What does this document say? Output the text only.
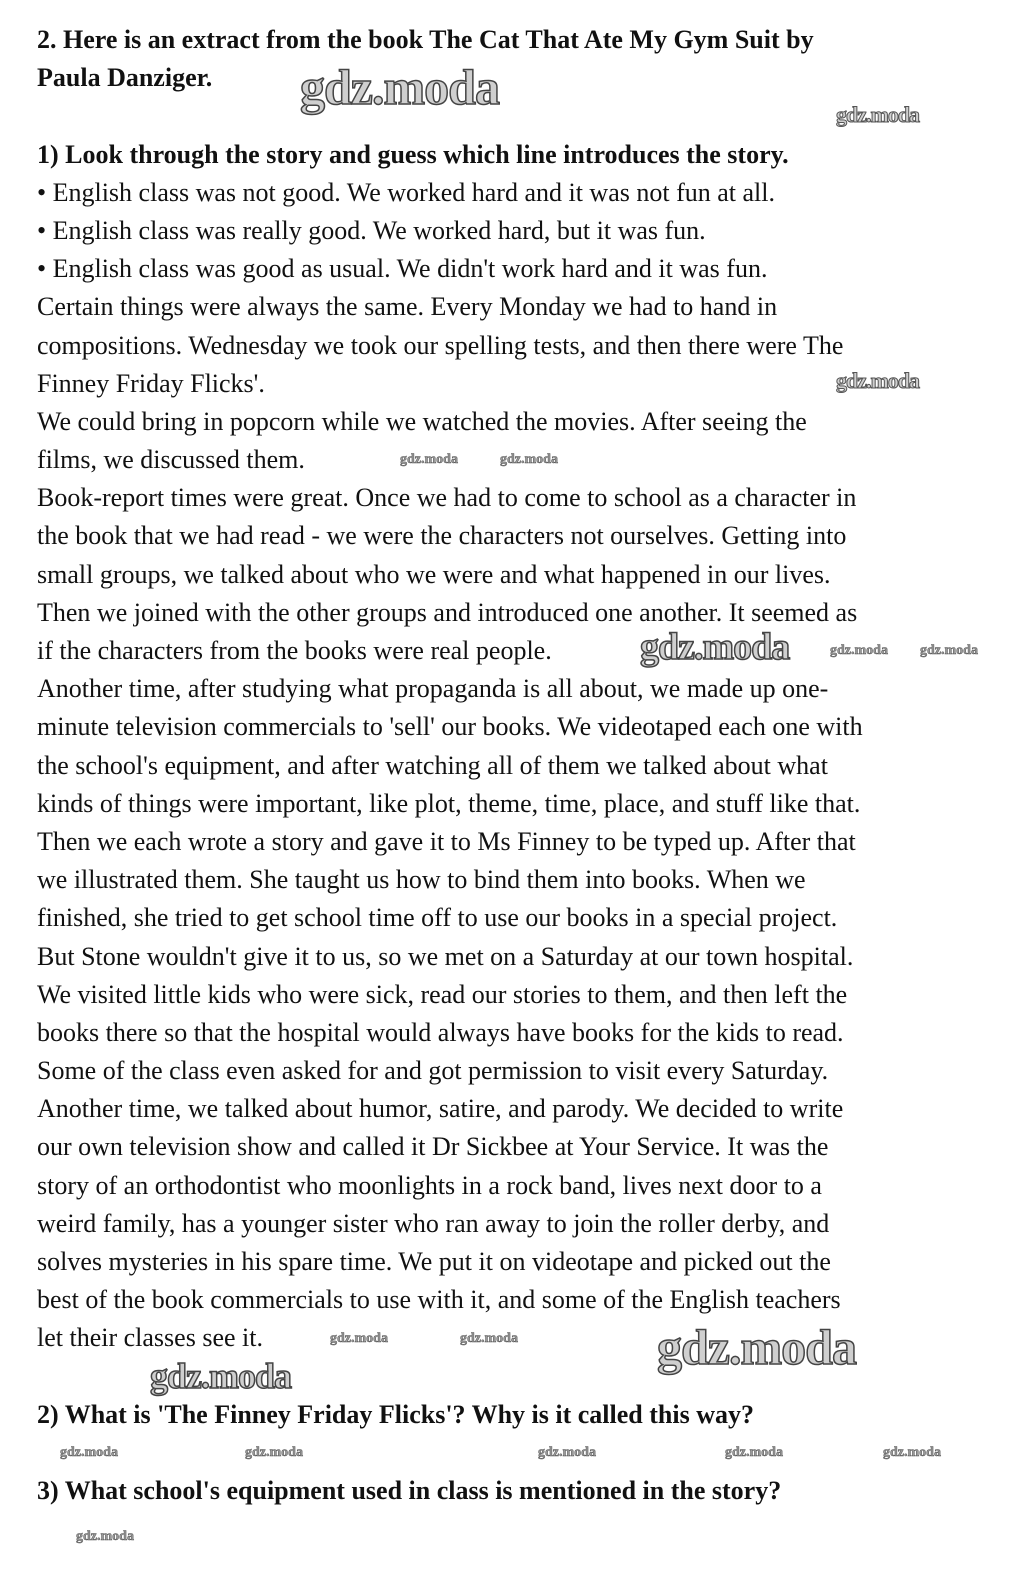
2. Here is an extract from the book The Cat That Ate My Gym Suit by
Paula Danziger.
1) Look through the story and guess which line introduces the story.
• English class was not good. We worked hard and it was not fun at all.
• English class was really good. We worked hard, but it was fun.
• English class was good as usual. We didn't work hard and it was fun.
Certain things were always the same. Every Monday we had to hand in
compositions. Wednesday we took our spelling tests, and then there were The
Finney Friday Flicks'.
We could bring in popcorn while we watched the movies. After seeing the
films, we discussed them.
Book-report times were great. Once we had to come to school as a character in
the book that we had read - we were the characters not ourselves. Getting into
small groups, we talked about who we were and what happened in our lives.
Then we joined with the other groups and introduced one another. It seemed as
if the characters from the books were real people.
Another time, after studying what propaganda is all about, we made up one-
minute television commercials to 'sell' our books. We videotaped each one with
the school's equipment, and after watching all of them we talked about what
kinds of things were important, like plot, theme, time, place, and stuff like that.
Then we each wrote a story and gave it to Ms Finney to be typed up. After that
we illustrated them. She taught us how to bind them into books. When we
finished, she tried to get school time off to use our books in a special project.
But Stone wouldn't give it to us, so we met on a Saturday at our town hospital.
We visited little kids who were sick, read our stories to them, and then left the
books there so that the hospital would always have books for the kids to read.
Some of the class even asked for and got permission to visit every Saturday.
Another time, we talked about humor, satire, and parody. We decided to write
our own television show and called it Dr Sickbee at Your Service. It was the
story of an orthodontist who moonlights in a rock band, lives next door to a
weird family, has a younger sister who ran away to join the roller derby, and
solves mysteries in his spare time. We put it on videotape and picked out the
best of the book commercials to use with it, and some of the English teachers
let their classes see it.
2) What is 'The Finney Friday Flicks'? Why is it called this way?
3) What school's equipment used in class is mentioned in the story?
gdz.moda	gdz.moda
gdz.moda
gdz.moda	gdz.moda
gdz.moda	gdz.moda gdz.moda
gdz.moda	gdz.moda	gdz.moda
gdz.moda
gdz.moda	gdz.moda	gdz.moda	gdz.moda	gdz.moda
gdz.moda
